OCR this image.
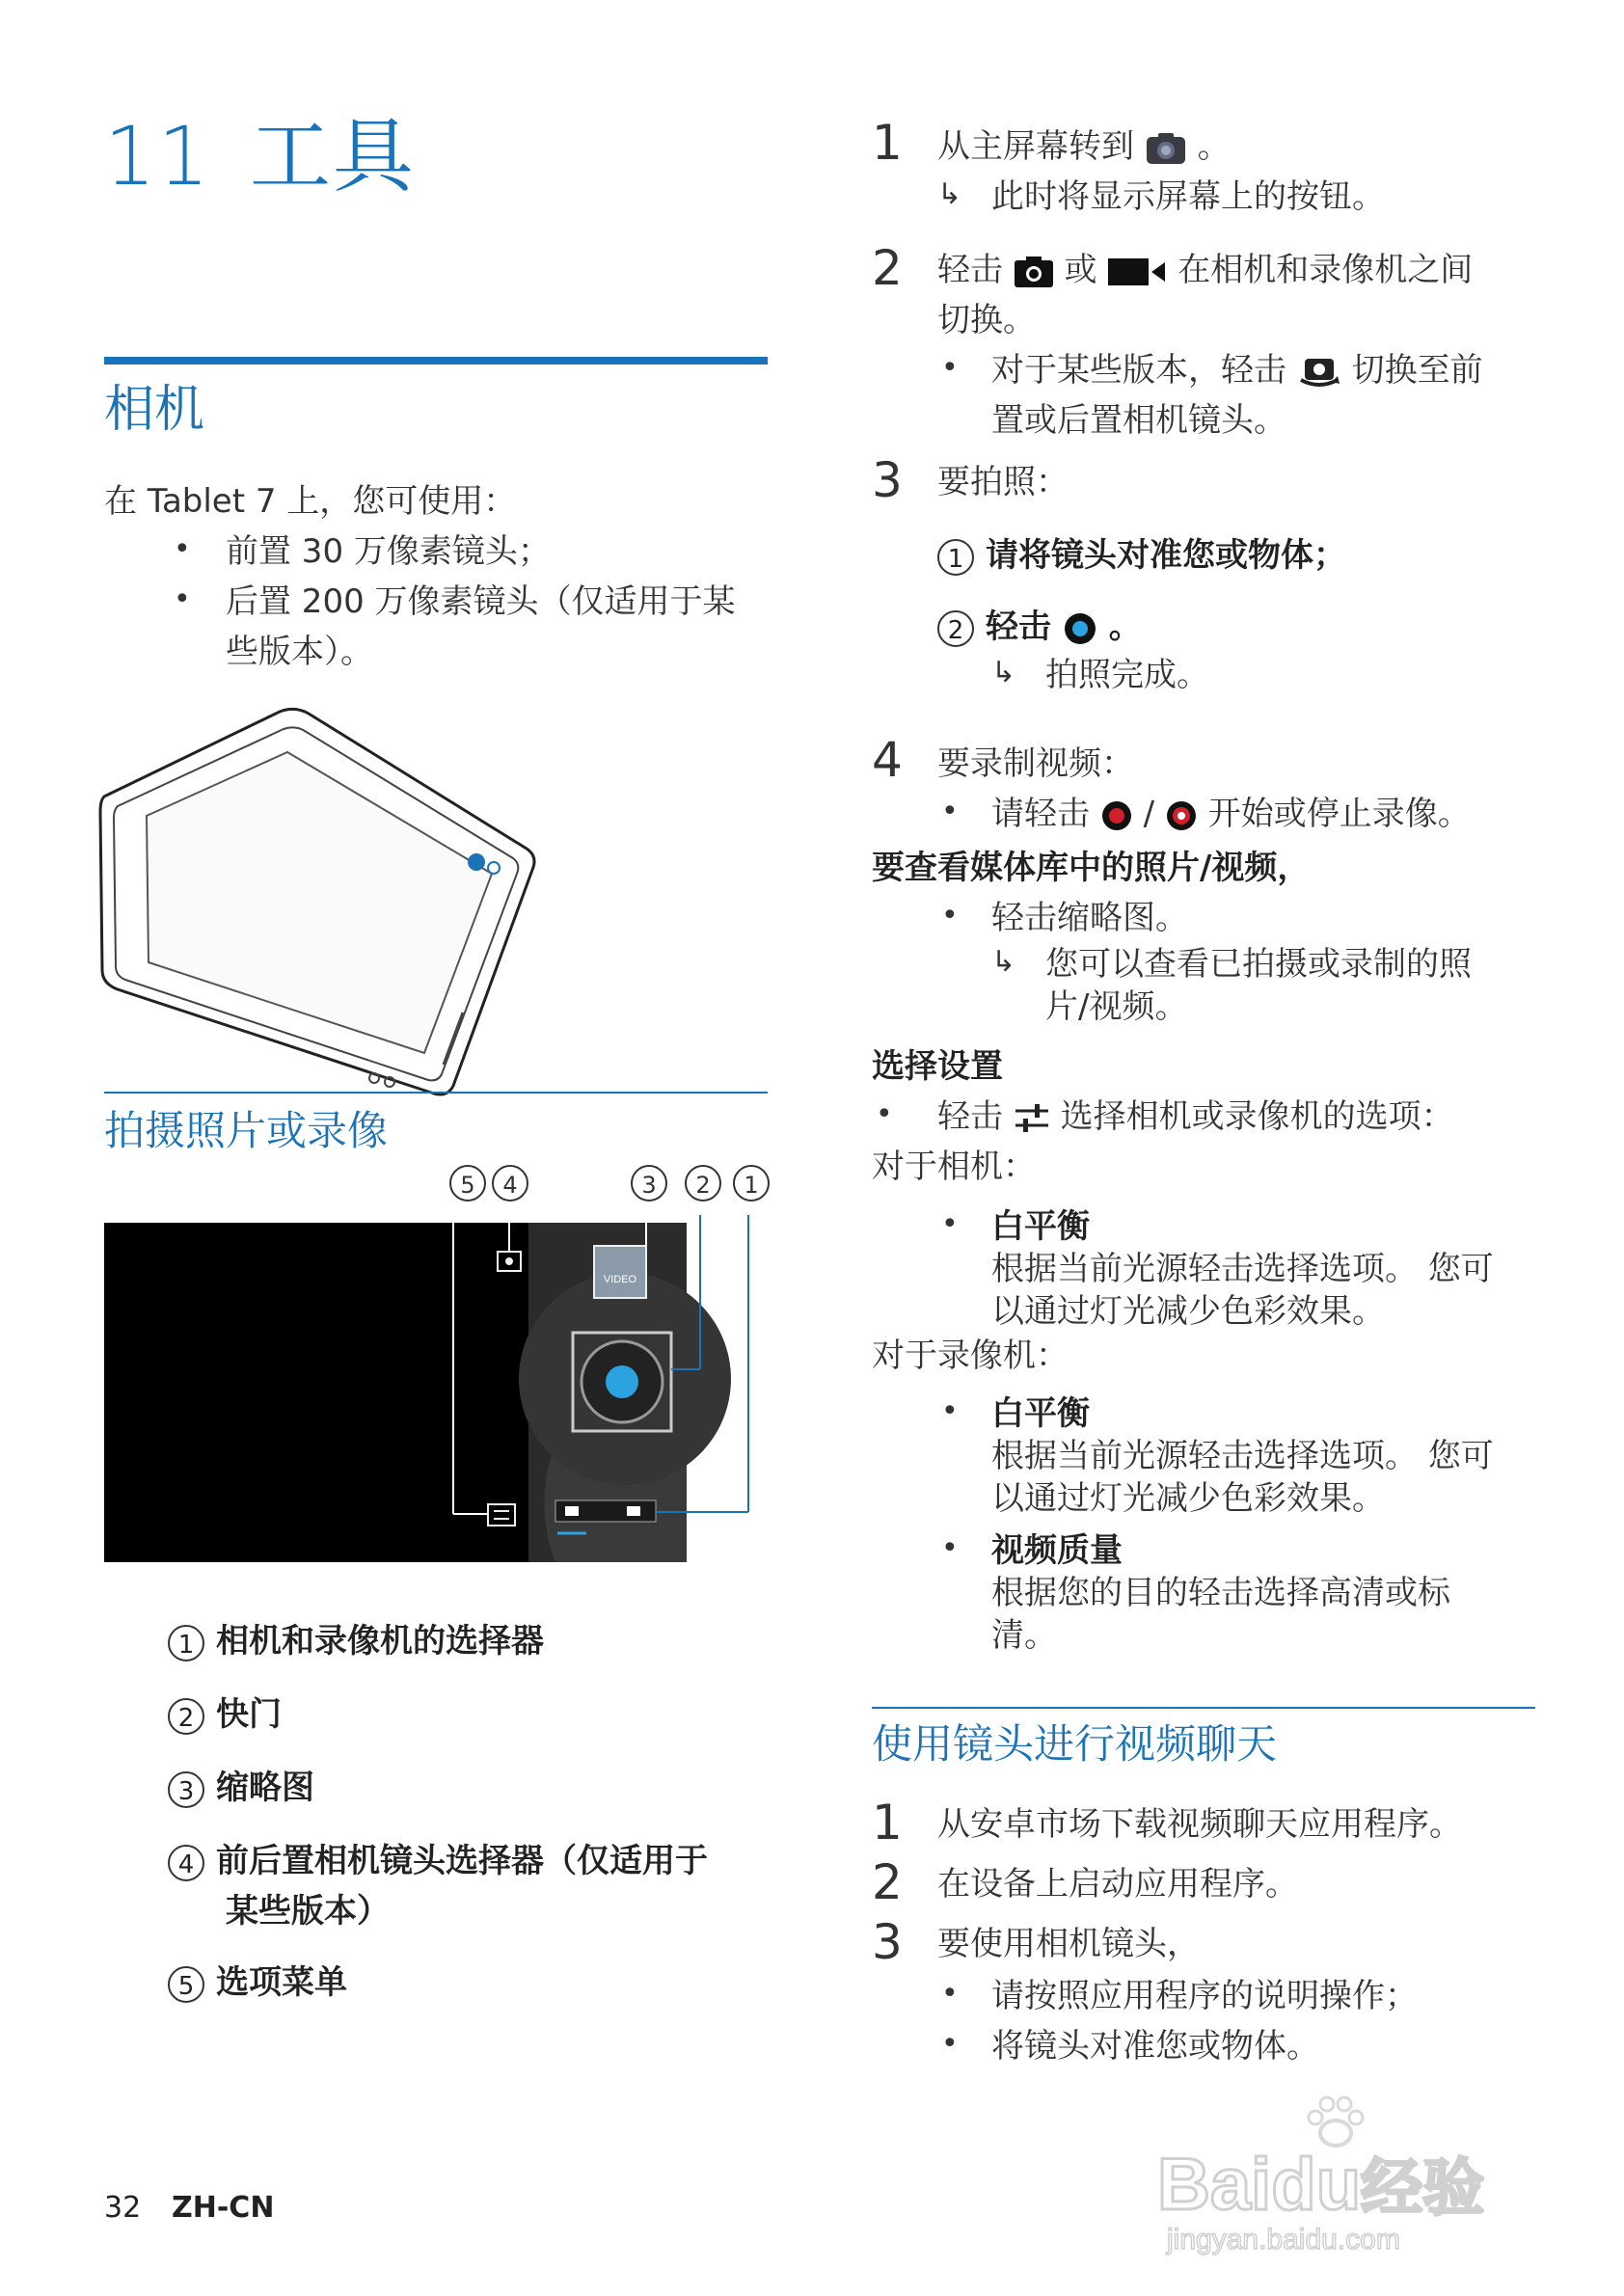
11 工具
相机
在 Tablet 7 上，您可使用：
• 前置 30 万像素镜头；
• 后置 200 万像素镜头（仅适用于某
些版本）。
拍摄照片或录像
5	4	3	2	1
VIDEO
1 相机和录像机的选择器
2 快门
3 缩略图
4 前后置相机镜头选择器（仅适用于
某些版本）
5 选项菜单
1 从主屏幕转到 。
↳ 此时将显示屏幕上的按钮。
2 轻击 或 在相机和录像机之间
切换。
• 对于某些版本，轻击 切换至前
置或后置相机镜头。
3 要拍照：
1 请将镜头对准您或物体；
2 轻击 。
↳ 拍照完成。
4 要录制视频：
• 请轻击 / 开始或停止录像。
要查看媒体库中的照片/视频，
• 轻击缩略图。
↳ 您可以查看已拍摄或录制的照
片/视频。
选择设置
• 轻击 选择相机或录像机的选项：
对于相机：
• 白平衡
根据当前光源轻击选择选项。 您可
以通过灯光减少色彩效果。
对于录像机：
• 白平衡
根据当前光源轻击选择选项。 您可
以通过灯光减少色彩效果。
• 视频质量
根据您的目的轻击选择高清或标
清。
使用镜头进行视频聊天
1 从安卓市场下载视频聊天应用程序。
2 在设备上启动应用程序。
3 要使用相机镜头，
• 请按照应用程序的说明操作；
• 将镜头对准您或物体。
32 ZH-CN	Baidu经验
jingyan.baidu.com
